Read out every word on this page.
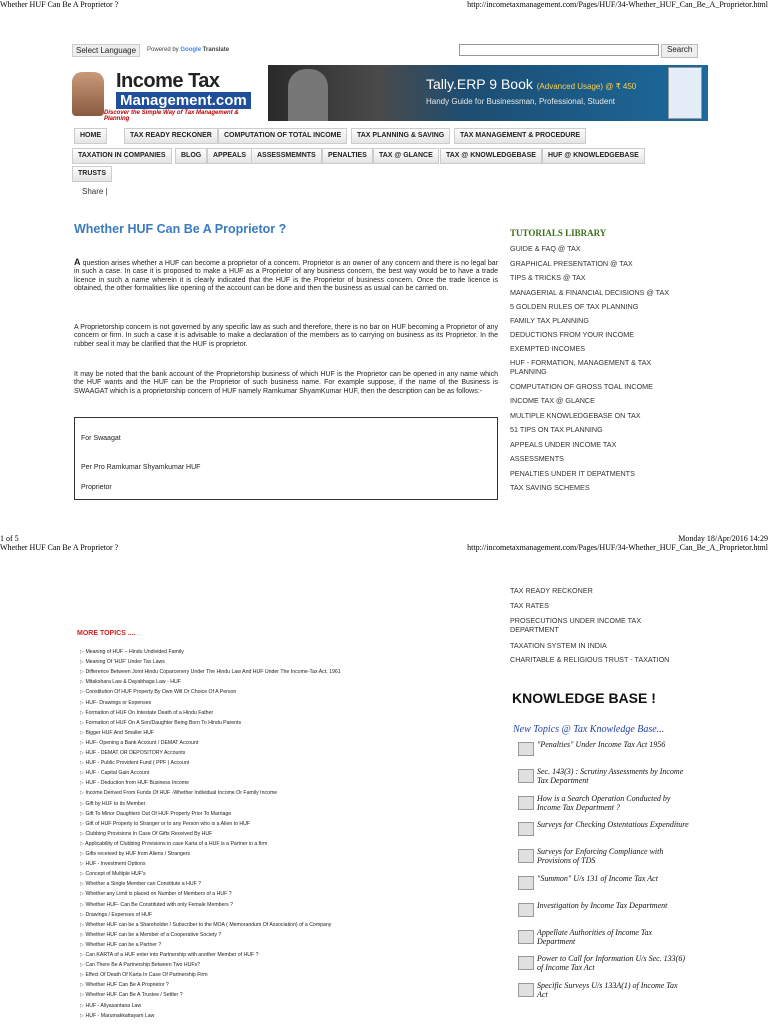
Whether HUF Can Be A Proprietor ?	http://incometaxmanagement.com/Pages/HUF/34-Whether_HUF_Can_Be_A_Proprietor.html
Select Language	Powered by Google Translate	Search
Income Tax
Management.com
Discover the Simple Way of Tax Management & Planning
Tally.ERP 9 Book (Advanced Usage) @ ₹ 450
Handy Guide for Businessman, Professional, Student
HOME	TAX READY RECKONER	COMPUTATION OF TOTAL INCOME	TAX PLANNING & SAVING	TAX MANAGEMENT & PROCEDURE
TAXATION IN COMPANIES	BLOG	APPEALS	ASSESSMEMNTS	PENALTIES	TAX @ GLANCE	TAX @ KNOWLEDGEBASE	HUF @ KNOWLEDGEBASE
TRUSTS
Share |
Whether HUF Can Be A Proprietor ?
A question arises whether a HUF can become a proprietor of a concern. Proprietor is an owner of any concern and there is no legal bar in such a case. In case it is proposed to make a HUF as a Proprietor of any business concern, the best way would be to have a trade licence in such a name wherein it is clearly indicated that the HUF is the Proprietor of business concern. Once the trade licence is obtained, the other formalities like opening of the account can be done and then the business as usual can be carried on.
A Proprietorship concern is not governed by any specific law as such and therefore, there is no bar on HUF becoming a Proprietor of any concern or firm. In such a case it is advisable to make a declaration of the members as to carrying on business as its Proprietor. In the rubber seal it may be clarified that the HUF is proprietor.
It may be noted that the bank account of the Proprietorship business of which HUF is the Proprietor can be opened in any name which the HUF wants and the HUF can be the Proprietor of such business name. For example suppose, if the name of the Business is SWAAGAT which is a proprietorship concern of HUF namely Ramkumar ShyamKumar HUF, then the description can be as follows:-
For Swaagat
Per Pro Ramkumar Shyamkumar HUF
Proprietor
TUTORIALS LIBRARY
GUIDE & FAQ @ TAX
GRAPHICAL PRESENTATION @ TAX
TIPS & TRICKS @ TAX
MANAGERIAL & FINANCIAL DECISIONS @ TAX
5 GOLDEN RULES OF TAX PLANNING
FAMILY TAX PLANNING
DEDUCTIONS FROM YOUR INCOME
EXEMPTED INCOMES
HUF - FORMATION, MANAGEMENT & TAX PLANNING
COMPUTATION OF GROSS TOAL INCOME
INCOME TAX @ GLANCE
MULTIPLE KNOWLEDGEBASE ON TAX
51 TIPS ON TAX PLANNING
APPEALS UNDER INCOME TAX
ASSESSMENTS
PENALTIES UNDER IT DEPATMENTS
TAX SAVING SCHEMES
1 of 5	Monday 18/Apr/2016 14:29
Whether HUF Can Be A Proprietor ?	http://incometaxmanagement.com/Pages/HUF/34-Whether_HUF_Can_Be_A_Proprietor.html
TAX READY RECKONER
TAX RATES
PROSECUTIONS UNDER INCOME TAX DEPARTMENT
TAXATION SYSTEM IN INDIA
CHARITABLE & RELIGIOUS TRUST - TAXATION
MORE TOPICS ....
▷ Meaning of HUF – Hindu Undivided Family
▷ Meaning Of 'HUF' Under Tax Laws
▷ Difference Between Joint Hindu Coparcenery Under The Hindu Law And HUF Under The Income-Tax Act, 1961
▷ Mitakshara Law & Dayabhaga Law - HUF
▷ Constitution Of HUF Property By Own Will Or Choice Of A Person
▷ HUF- Drawings or Expenses
▷ Formation of HUF On Intestate Death of a Hindu Father
▷ Formation of HUF On A Son/Daughter Being Born To Hindu Parents
▷ Bigger HUF And Smaller HUF
▷ HUF- Opening a Bank Account / DEMAT Account
▷ HUF - DEMAT OR DEPOSITORY Accounts
▷ HUF - Public Provident Fund ( PPF ) Account
▷ HUF - Capital Gain Account
▷ HUF - Deduction from HUF Business Income
▷ Income Derived From Funds Of HUF -Whether Individual Income Or Family Income
▷ Gift by HUF to its Member
▷ Gift To Minor Daughters Out Of HUF Property Prior To Marriage
▷ Gift of HUF Property to Stranger or to any Person who is a Alien to HUF
▷ Clubbing Provisions In Case Of Gifts Received By HUF
▷ Applicability of Clubbing Provisions in case Karta of a HUF is a Partner in a firm
▷ Gifts received by HUF from Aliens / Strangers
▷ HUF - Investment Options
▷ Concept of Multiple HUF's
▷ Whether a Single Member can Constitute a HUF ?
▷ Whether any Limit is placed on Number of Members of a HUF ?
▷ Whether HUF- Can Be Constituted with only Female Members ?
▷ Drawings / Expenses of HUF
▷ Whether HUF can be a Shareholder / Subscriber to the MOA ( Memorandum Of Association) of a Company
▷ Whether HUF can be a Member of a Cooperative Society ?
▷ Whether HUF can be a Partner ?
▷ Can KARTA of a HUF enter into Partnership with another Member of HUF ?
▷ Can There Be A Partnership Between Two HUFs?
▷ Effect Of Death Of Karta In Case Of Partnership Firm
▷ Whether HUF Can Be A Proprietor ?
▷ Whether HUF Can Be A Trustee / Settler ?
▷ HUF - Aliyasantana Law
▷ HUF - Marumakkattayam Law
KNOWLEDGE BASE !
New Topics @ Tax Knowledge Base...
"Penalties" Under Income Tax Act 1956
Sec. 143(3) : Scrutiny Assessments by Income Tax Department
How is a Search Operation Conducted by Income Tax Department ?
Surveys for Checking Ostentatious Expenditure
Surveys for Enforcing Compliance with Provisions of TDS
"Summon" U/s 131 of Income Tax Act
Investigation by Income Tax Department
Appellate Authorities of Income Tax Department
Power to Call for Information U/s Sec. 133(6) of Income Tax Act
Specific Surveys U/s 133A(1) of Income Tax Act
